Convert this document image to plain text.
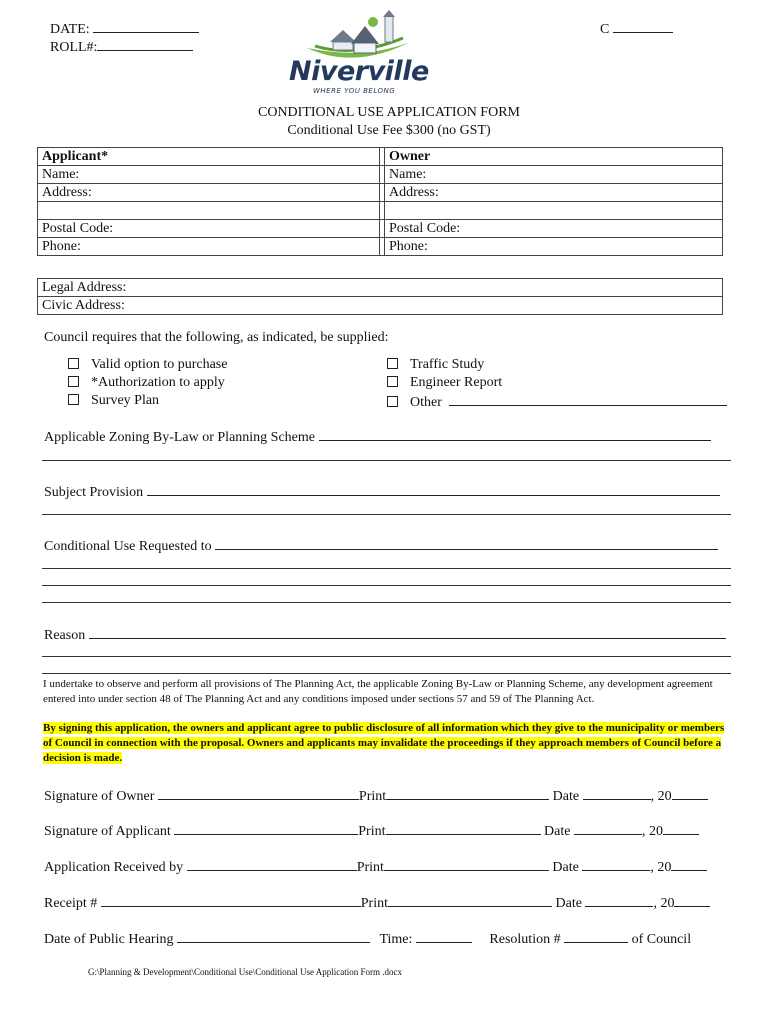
DATE:
ROLL#:
C
Niverville
WHERE YOU BELONG
CONDITIONAL USE APPLICATION FORM
Conditional Use Fee $300 (no GST)
Applicant*		Owner
Name:		Name:
Address:		Address:

Postal Code:		Postal Code:
Phone:		Phone:
Legal Address:
Civic Address:
Council requires that the following, as indicated, be supplied:
Valid option to purchase
*Authorization to apply
Survey Plan
Traffic Study
Engineer Report
Other
Applicable Zoning By-Law or Planning Scheme
Subject Provision
Conditional Use Requested to
Reason
I undertake to observe and perform all provisions of The Planning Act, the applicable Zoning By-Law or Planning Scheme, any development agreement entered into under section 48 of The Planning Act and any conditions imposed under sections 57 and 59 of The Planning Act.
By signing this application, the owners and applicant agree to public disclosure of all information which they give to the municipality or members of Council in connection with the proposal. Owners and applicants may invalidate the proceedings if they approach members of Council before a decision is made.
Signature of Owner	Print	Date	, 20
Signature of Applicant	Print	Date	, 20
Application Received by	Print	Date	, 20
Receipt #	Print	Date	, 20
Date of Public Hearing	Time:	Resolution #	of Council
G:\Planning & Development\Conditional Use\Conditional Use Application Form .docx
